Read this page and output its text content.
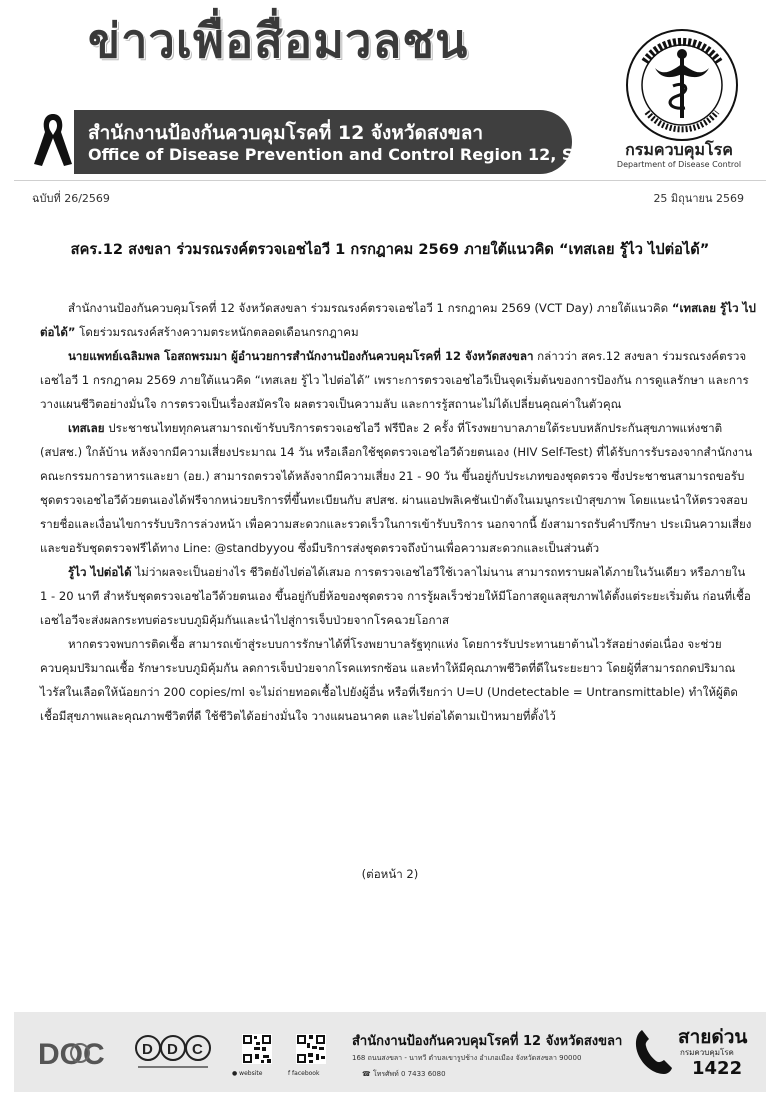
ข่าวเพื่อสื่อมวลชน
สำนักงานป้องกันควบคุมโรคที่ 12 จังหวัดสงขลา
Office of Disease Prevention and Control Region 12, Songkhla
กรมควบคุมโรค
Department of Disease Control
ฉบับที่ 26/2569	25 มิถุนายน 2569
สคร.12 สงขลา ร่วมรณรงค์ตรวจเอชไอวี 1 กรกฎาคม 2569 ภายใต้แนวคิด “เทสเลย รู้ไว ไปต่อได้”

สำนักงานป้องกันควบคุมโรคที่ 12 จังหวัดสงขลา ร่วมรณรงค์ตรวจเอชไอวี 1 กรกฎาคม 2569 (VCT Day) ภายใต้แนวคิด “เทสเลย รู้ไว ไปต่อได้” โดยร่วมรณรงค์สร้างความตระหนักตลอดเดือนกรกฎาคม

นายแพทย์เฉลิมพล โอสถพรมมา ผู้อำนวยการสำนักงานป้องกันควบคุมโรคที่ 12 จังหวัดสงขลา กล่าวว่า สคร.12 สงขลา ร่วมรณรงค์ตรวจเอชไอวี 1 กรกฎาคม 2569 ภายใต้แนวคิด “เทสเลย รู้ไว ไปต่อได้” เพราะการตรวจเอชไอวีเป็นจุดเริ่มต้นของการป้องกัน การดูแลรักษา และการวางแผนชีวิตอย่างมั่นใจ การตรวจเป็นเรื่องสมัครใจ ผลตรวจเป็นความลับ และการรู้สถานะไม่ได้เปลี่ยนคุณค่าในตัวคุณ

เทสเลย ประชาชนไทยทุกคนสามารถเข้ารับบริการตรวจเอชไอวี ฟรีปีละ 2 ครั้ง ที่โรงพยาบาลภายใต้ระบบหลักประกันสุขภาพแห่งชาติ (สปสช.) ใกล้บ้าน หลังจากมีความเสี่ยงประมาณ 14 วัน หรือเลือกใช้ชุดตรวจเอชไอวีด้วยตนเอง (HIV Self-Test) ที่ได้รับการรับรองจากสำนักงานคณะกรรมการอาหารและยา (อย.) สามารถตรวจได้หลังจากมีความเสี่ยง 21 - 90 วัน ขึ้นอยู่กับประเภทของชุดตรวจ ซึ่งประชาชนสามารถขอรับชุดตรวจเอชไอวีด้วยตนเองได้ฟรีจากหน่วยบริการที่ขึ้นทะเบียนกับ สปสช. ผ่านแอปพลิเคชันเป๋าตังในเมนูกระเป๋าสุขภาพ โดยแนะนำให้ตรวจสอบรายชื่อและเงื่อนไขการรับบริการล่วงหน้า เพื่อความสะดวกและรวดเร็วในการเข้ารับบริการ นอกจากนี้ ยังสามารถรับคำปรึกษา ประเมินความเสี่ยง และขอรับชุดตรวจฟรีได้ทาง Line: @standbyyou ซึ่งมีบริการส่งชุดตรวจถึงบ้านเพื่อความสะดวกและเป็นส่วนตัว

รู้ไว ไปต่อได้ ไม่ว่าผลจะเป็นอย่างไร ชีวิตยังไปต่อได้เสมอ การตรวจเอชไอวีใช้เวลาไม่นาน สามารถทราบผลได้ภายในวันเดียว หรือภายใน 1 - 20 นาที สำหรับชุดตรวจเอชไอวีด้วยตนเอง ขึ้นอยู่กับยี่ห้อของชุดตรวจ การรู้ผลเร็วช่วยให้มีโอกาสดูแลสุขภาพได้ตั้งแต่ระยะเริ่มต้น ก่อนที่เชื้อเอชไอวีจะส่งผลกระทบต่อระบบภูมิคุ้มกันและนำไปสู่การเจ็บป่วยจากโรคฉวยโอกาส

หากตรวจพบการติดเชื้อ สามารถเข้าสู่ระบบการรักษาได้ที่โรงพยาบาลรัฐทุกแห่ง โดยการรับประทานยาต้านไวรัสอย่างต่อเนื่อง จะช่วยควบคุมปริมาณเชื้อ รักษาระบบภูมิคุ้มกัน ลดการเจ็บป่วยจากโรคแทรกซ้อน และทำให้มีคุณภาพชีวิตที่ดีในระยะยาว โดยผู้ที่สามารถกดปริมาณไวรัสในเลือดให้น้อยกว่า 200 copies/ml จะไม่ถ่ายทอดเชื้อไปยังผู้อื่น หรือที่เรียกว่า U=U (Undetectable = Untransmittable) ทำให้ผู้ติดเชื้อมีสุขภาพและคุณภาพชีวิตที่ดี ใช้ชีวิตได้อย่างมั่นใจ วางแผนอนาคต และไปต่อได้ตามเป้าหมายที่ตั้งไว้

(ต่อหน้า 2)
DOC D D C
● website	f facebook
สำนักงานป้องกันควบคุมโรคที่ 12 จังหวัดสงขลา
168 ถนนสงขลา - นาทวี ตำบลเขารูปช้าง อำเภอเมือง จังหวัดสงขลา 90000
☎ โทรศัพท์ 0 7433 6080
สายด่วน
กรมควบคุมโรค
1422
